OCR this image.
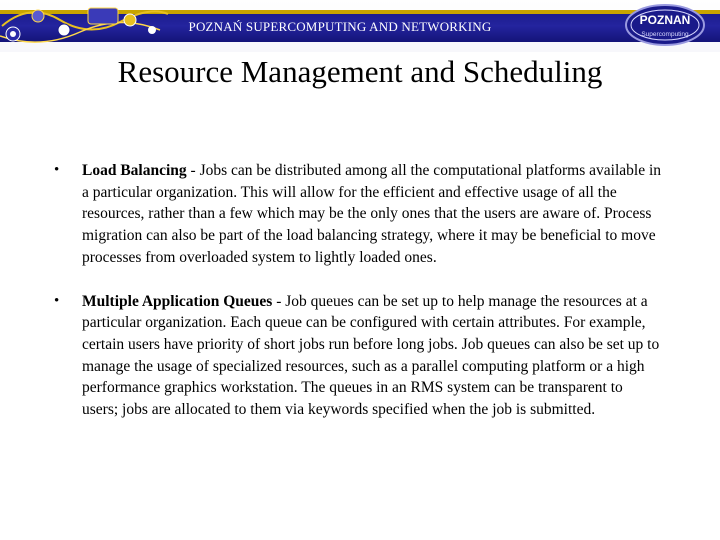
POZNAŃ SUPERCOMPUTING AND NETWORKING	POZNAN
Supercomputing
Resource Management and Scheduling
•	Load Balancing - Jobs can be distributed among all the computational platforms available in a particular organization. This will allow for the efficient and effective usage of all the resources, rather than a few which may be the only ones that the users are aware of. Process migration can also be part of the load balancing strategy, where it may be beneficial to move processes from overloaded system to lightly loaded ones.
•	Multiple Application Queues - Job queues can be set up to help manage the resources at a particular organization. Each queue can be configured with certain attributes. For example, certain users have priority of short jobs run before long jobs. Job queues can also be set up to manage the usage of specialized resources, such as a parallel computing platform or a high performance graphics workstation. The queues in an RMS system can be transparent to users; jobs are allocated to them via keywords specified when the job is submitted.
